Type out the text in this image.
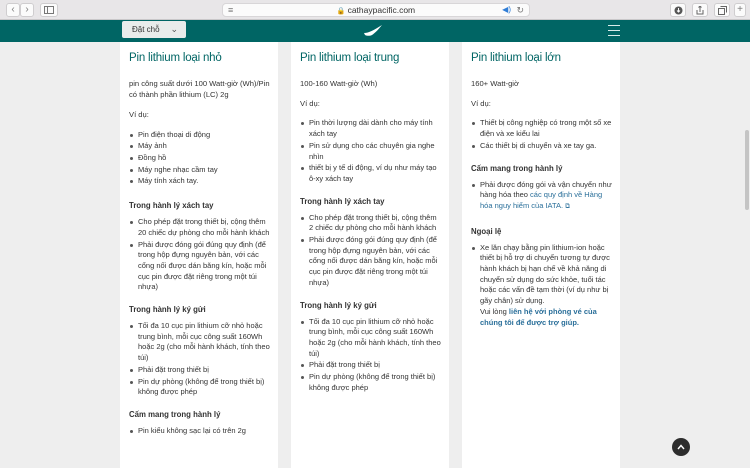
‹	›	≡	🔒 cathaypacific.com	◀) ↻	+
Đặt chỗ ⌄
Pin lithium loại nhỏ

pin công suất dưới 100 Watt-giờ (Wh)/Pin có thành phần lithium (LC) 2g

Ví dụ:

Pin điện thoại di động
Máy ảnh
Đồng hồ
Máy nghe nhạc cầm tay
Máy tính xách tay.
Trong hành lý xách tay
Cho phép đặt trong thiết bị, cộng thêm 20 chiếc dự phòng cho mỗi hành khách
Phải được đóng gói đúng quy định (để trong hộp đựng nguyên bản, với các cổng nối được dán băng kín, hoặc mỗi cục pin được đặt riêng trong một túi nhựa)
Trong hành lý ký gửi
Tối đa 10 cục pin lithium cỡ nhỏ hoặc trung bình, mỗi cục công suất 160Wh hoặc 2g (cho mỗi hành khách, tính theo túi)
Phải đặt trong thiết bị
Pin dự phòng (không để trong thiết bị) không được phép
Cấm mang trong hành lý
Pin kiểu không sạc lại có trên 2g
Pin lithium loại trung

100-160 Watt-giờ (Wh)

Ví dụ:

Pin thời lượng dài dành cho máy tính xách tay
Pin sử dụng cho các chuyên gia nghe nhìn
thiết bị y tế di động, ví dụ như máy tạo ô-xy xách tay
Trong hành lý xách tay
Cho phép đặt trong thiết bị, cộng thêm 2 chiếc dự phòng cho mỗi hành khách
Phải được đóng gói đúng quy định (để trong hộp đựng nguyên bản, với các cổng nối được dán băng kín, hoặc mỗi cục pin được đặt riêng trong một túi nhựa)
Trong hành lý ký gửi
Tối đa 10 cục pin lithium cỡ nhỏ hoặc trung bình, mỗi cục công suất 160Wh hoặc 2g (cho mỗi hành khách, tính theo túi)
Phải đặt trong thiết bị
Pin dự phòng (không để trong thiết bị) không được phép
Pin lithium loại lớn

160+ Watt-giờ

Ví dụ:

Thiết bị công nghiệp có trong một số xe điện và xe kiểu lai
Các thiết bị di chuyển và xe tay ga.
Cấm mang trong hành lý
Phải được đóng gói và vận chuyển như hàng hóa theo các quy định về Hàng hóa nguy hiểm của IATA. ⧉
Ngoại lệ
Xe lăn chạy bằng pin lithium-ion hoặc thiết bị hỗ trợ di chuyển tương tự được hành khách bị hạn chế về khả năng di chuyển sử dụng do sức khỏe, tuổi tác hoặc các vấn đề tạm thời (ví dụ như bị gãy chân) sử dụng.
Vui lòng liên hệ với phòng vé của chúng tôi để được trợ giúp.
